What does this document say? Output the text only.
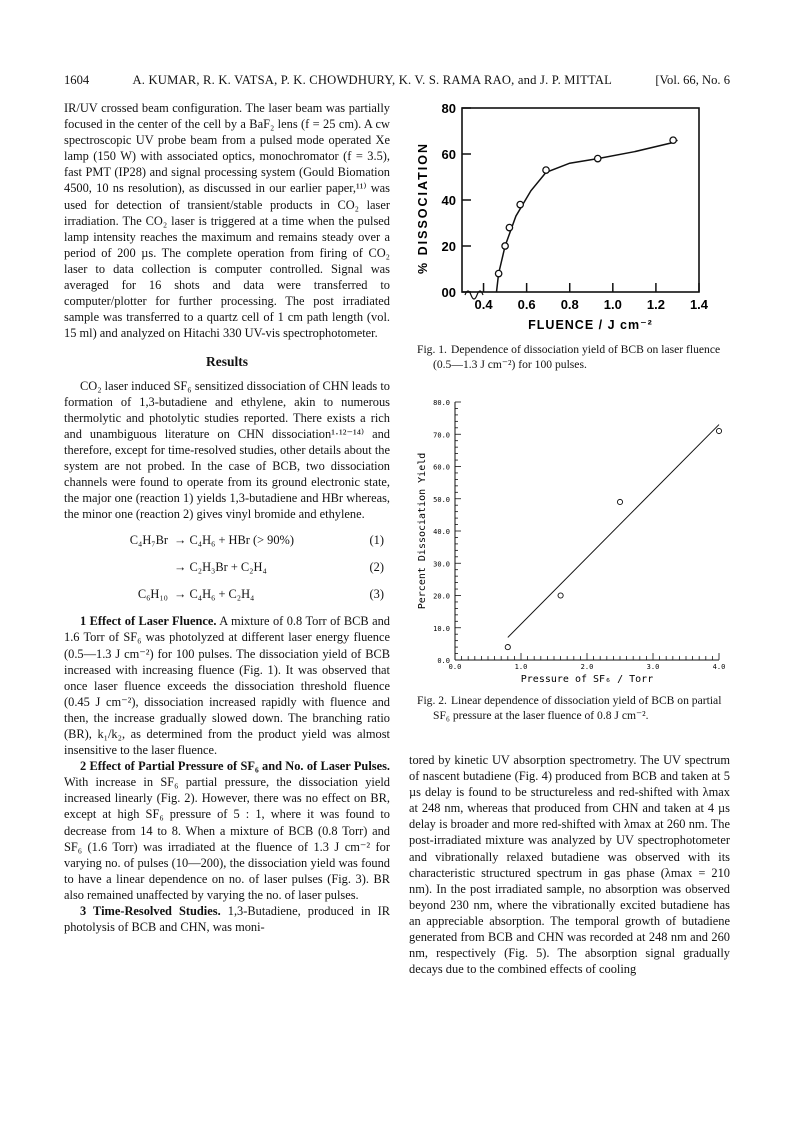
1604	A. KUMAR, R. K. VATSA, P. K. CHOWDHURY, K. V. S. RAMA RAO, and J. P. MITTAL	[Vol. 66, No. 6

IR/UV crossed beam configuration. The laser beam was partially focused in the center of the cell by a BaF₂ lens (f = 25 cm). A cw spectroscopic UV probe beam from a pulsed mode operated Xe lamp (150 W) with associated optics, monochromator (f = 3.5), fast PMT (IP28) and signal processing system (Gould Biomation 4500, 10 ns resolution), as discussed in our earlier paper,¹¹⁾ was used for detection of transient/stable products in CO₂ laser irradiation. The CO₂ laser is triggered at a time when the pulsed lamp intensity reaches the maximum and remains steady over a period of 200 µs. The complete operation from firing of CO₂ laser to data collection is computer controlled. Signal was averaged for 16 shots and data were transferred to computer/plotter for further processing. The post irradiated sample was transferred to a quartz cell of 1 cm path length (vol. 15 ml) and analyzed on Hitachi 330 UV-vis spectrophotometer.

Results

CO₂ laser induced SF₆ sensitized dissociation of CHN leads to formation of 1,3-butadiene and ethylene, akin to numerous thermolytic and photolytic studies reported. There exists a rich and unambiguous literature on CHN dissociation¹·¹²⁻¹⁴⁾ and therefore, except for time-resolved studies, other details about the system are not probed. In the case of BCB, two dissociation channels were found to operate from its ground electronic state, the major one (reaction 1) yields 1,3-butadiene and HBr whereas, the minor one (reaction 2) gives vinyl bromide and ethylene.

C₄H₇Br → C₄H₆ + HBr (> 90%)	(1)
→ C₂H₃Br + C₂H₄	(2)
C₆H₁₀ → C₄H₆ + C₂H₄	(3)

1 Effect of Laser Fluence. A mixture of 0.8 Torr of BCB and 1.6 Torr of SF₆ was photolyzed at different laser energy fluence (0.5—1.3 J cm⁻²) for 100 pulses. The dissociation yield of BCB increased with increasing fluence (Fig. 1). It was observed that once laser fluence exceeds the dissociation threshold fluence (0.45 J cm⁻²), dissociation increased rapidly with fluence and then, the increase gradually slowed down. The branching ratio (BR), k₁/k₂, as determined from the product yield was almost insensitive to the laser fluence.

2 Effect of Partial Pressure of SF₆ and No. of Laser Pulses. With increase in SF₆ partial pressure, the dissociation yield increased linearly (Fig. 2). However, there was no effect on BR, except at high SF₆ pressure of 5 : 1, where it was found to decrease from 14 to 8. When a mixture of BCB (0.8 Torr) and SF₆ (1.6 Torr) was irradiated at the fluence of 1.3 J cm⁻² for varying no. of pulses (10—200), the dissociation yield was found to have a linear dependence on no. of laser pulses (Fig. 3). BR also remained unaffected by varying the no. of laser pulses.

3 Time-Resolved Studies. 1,3-Butadiene, produced in IR photolysis of BCB and CHN, was moni-

00
20
40
60
80
0.4 0.6 0.8 1.0 1.2 1.4
% DISSOCIATION
FLUENCE / J cm⁻²
Fig. 1. Dependence of dissociation yield of BCB on laser fluence (0.5—1.3 J cm⁻²) for 100 pulses.
0.0
10.0
20.0
30.0
40.0
50.0
60.0
70.0
80.0
0.0	1.0	2.0	3.0	4.0
Percent Dissociation Yield
Pressure of SF₆ / Torr
Fig. 2. Linear dependence of dissociation yield of BCB on partial SF₆ pressure at the laser fluence of 0.8 J cm⁻².

tored by kinetic UV absorption spectrometry. The UV spectrum of nascent butadiene (Fig. 4) produced from BCB and taken at 5 µs delay is found to be structureless and red-shifted with λmax at 248 nm, whereas that produced from CHN and taken at 4 µs delay is broader and more red-shifted with λmax at 260 nm. The post-irradiated mixture was analyzed by UV spectrophotometer and vibrationally relaxed butadiene was observed with its characteristic structured spectrum in gas phase (λmax = 210 nm). In the post irradiated sample, no absorption was observed beyond 230 nm, where the vibrationally excited butadiene has an appreciable absorption. The temporal growth of butadiene generated from BCB and CHN was recorded at 248 nm and 260 nm, respectively (Fig. 5). The absorption signal gradually decays due to the combined effects of cooling
